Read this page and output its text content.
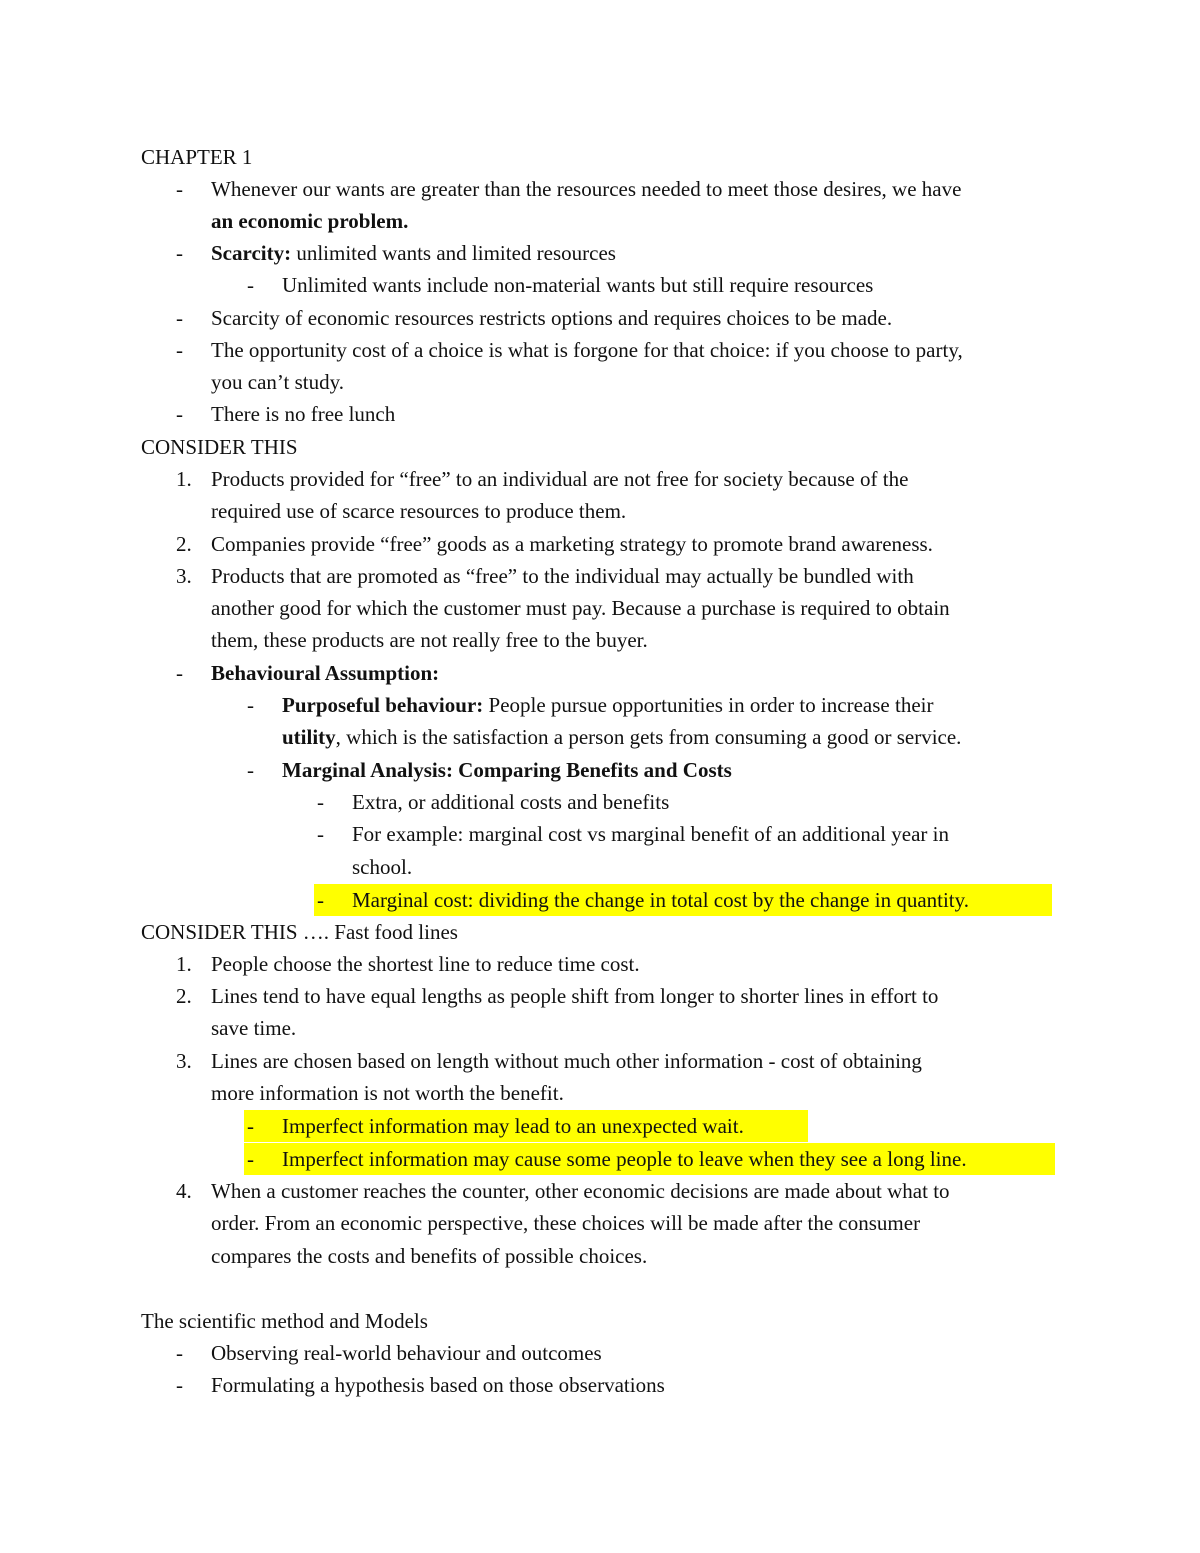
CHAPTER 1
- Whenever our wants are greater than the resources needed to meet those desires, we have
an economic problem.
- Scarcity: unlimited wants and limited resources
- Unlimited wants include non-material wants but still require resources
- Scarcity of economic resources restricts options and requires choices to be made.
- The opportunity cost of a choice is what is forgone for that choice: if you choose to party,
you can’t study.
- There is no free lunch
CONSIDER THIS
1. Products provided for “free” to an individual are not free for society because of the
required use of scarce resources to produce them.
2. Companies provide “free” goods as a marketing strategy to promote brand awareness.
3. Products that are promoted as “free” to the individual may actually be bundled with
another good for which the customer must pay. Because a purchase is required to obtain
them, these products are not really free to the buyer.
- Behavioural Assumption:
- Purposeful behaviour: People pursue opportunities in order to increase their
utility, which is the satisfaction a person gets from consuming a good or service.
- Marginal Analysis: Comparing Benefits and Costs
- Extra, or additional costs and benefits
- For example: marginal cost vs marginal benefit of an additional year in
school.
- Marginal cost: dividing the change in total cost by the change in quantity.
CONSIDER THIS …. Fast food lines
1. People choose the shortest line to reduce time cost.
2. Lines tend to have equal lengths as people shift from longer to shorter lines in effort to
save time.
3. Lines are chosen based on length without much other information - cost of obtaining
more information is not worth the benefit.
- Imperfect information may lead to an unexpected wait.
- Imperfect information may cause some people to leave when they see a long line.
4. When a customer reaches the counter, other economic decisions are made about what to
order. From an economic perspective, these choices will be made after the consumer
compares the costs and benefits of possible choices.
The scientific method and Models
- Observing real-world behaviour and outcomes
- Formulating a hypothesis based on those observations
